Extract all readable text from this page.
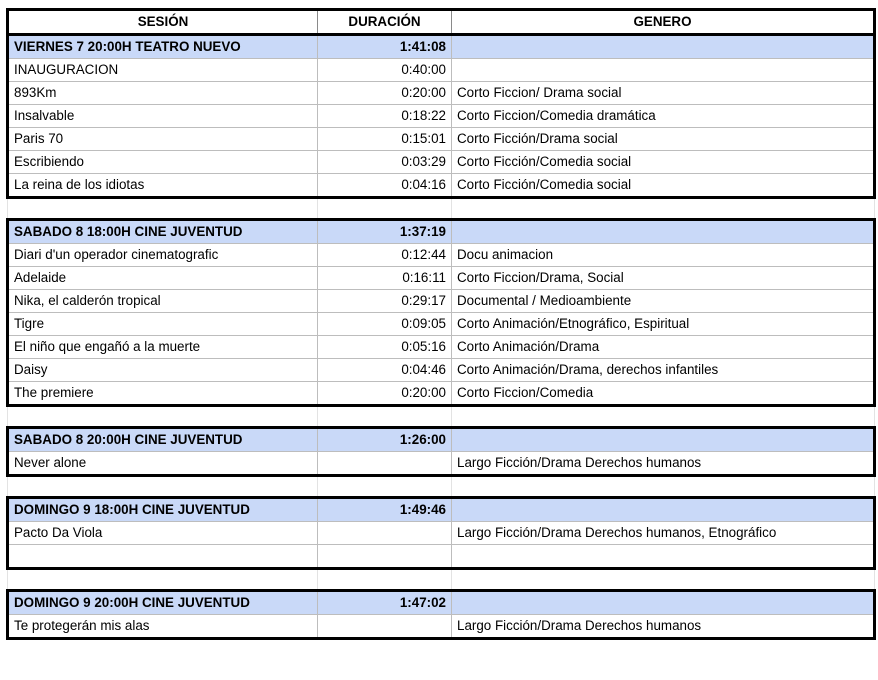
SESIÓN	DURACIÓN	GENERO
VIERNES 7 20:00H TEATRO NUEVO	1:41:08	
INAUGURACION	0:40:00	
893Km	0:20:00	Corto Ficcion/ Drama social
Insalvable	0:18:22	Corto Ficcion/Comedia dramática
Paris 70	0:15:01	Corto Ficción/Drama social
Escribiendo	0:03:29	Corto Ficción/Comedia social
La reina de los idiotas	0:04:16	Corto Ficción/Comedia social

SABADO 8 18:00H CINE JUVENTUD	1:37:19	
Diari d'un operador cinematografic	0:12:44	Docu animacion
Adelaide	0:16:11	Corto Ficcion/Drama, Social
Nika, el calderón tropical	0:29:17	Documental / Medioambiente
Tigre	0:09:05	Corto Animación/Etnográfico, Espiritual
El niño que engañó a la muerte	0:05:16	Corto Animación/Drama
Daisy	0:04:46	Corto Animación/Drama, derechos infantiles
The premiere	0:20:00	Corto Ficcion/Comedia

SABADO 8 20:00H CINE JUVENTUD	1:26:00	
Never alone		Largo Ficción/Drama Derechos humanos

DOMINGO 9 18:00H CINE JUVENTUD	1:49:46	
Pacto Da Viola		Largo Ficción/Drama Derechos humanos, Etnográfico

DOMINGO 9 20:00H CINE JUVENTUD	1:47:02	
Te protegerán mis alas		Largo Ficción/Drama Derechos humanos
